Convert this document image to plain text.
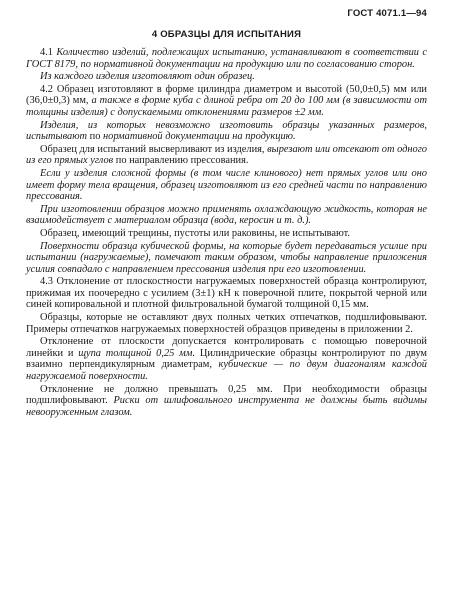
ГОСТ 4071.1—94
4 ОБРАЗЦЫ ДЛЯ ИСПЫТАНИЯ

4.1 Количество изделий, подлежащих испытанию, устанавливают в соответствии с ГОСТ 8179, по нормативной документации на продукцию или по согласованию сторон.

Из каждого изделия изготовляют один образец.

4.2 Образец изготовляют в форме цилиндра диаметром и высотой (50,0±0,5) мм или (36,0±0,3) мм, а также в форме куба с длиной ребра от 20 до 100 мм (в зависимости от толщины изделия) с допускаемыми отклонениями размеров ±2 мм.

Изделия, из которых невозможно изготовить образцы указанных размеров, испытывают по нормативной документации на продукцию.

Образец для испытаний высверливают из изделия, вырезают или отсекают от одного из его прямых углов по направлению прессования.

Если у изделия сложной формы (в том числе клинового) нет прямых углов или оно имеет форму тела вращения, образец изготовляют из его средней части по направлению прессования.

При изготовлении образцов можно применять охлаждающую жидкость, которая не взаимодействует с материалом образца (вода, керосин и т. д.).

Образец, имеющий трещины, пустоты или раковины, не испытывают.

Поверхности образца кубической формы, на которые будет передаваться усилие при испытании (нагружаемые), помечают таким образом, чтобы направление приложения усилия совпадало с направлением прессования изделия при его изготовлении.

4.3 Отклонение от плоскостности нагружаемых поверхностей образца контролируют, прижимая их поочередно с усилием (3±1) кН к поверочной плите, покрытой черной или синей копировальной и плотной фильтровальной бумагой толщиной 0,15 мм.

Образцы, которые не оставляют двух полных четких отпечатков, подшлифовывают. Примеры отпечатков нагружаемых поверхностей образцов приведены в приложении 2.

Отклонение от плоскости допускается контролировать с помощью поверочной линейки и щупа толщиной 0,25 мм. Цилиндрические образцы контролируют по двум взаимно перпендикулярным диаметрам, кубические — по двум диагоналям каждой нагружаемой поверхности.

Отклонение не должно превышать 0,25 мм. При необходимости образцы подшлифовывают. Риски от шлифовального инструмента не должны быть видимы невооруженным глазом.
